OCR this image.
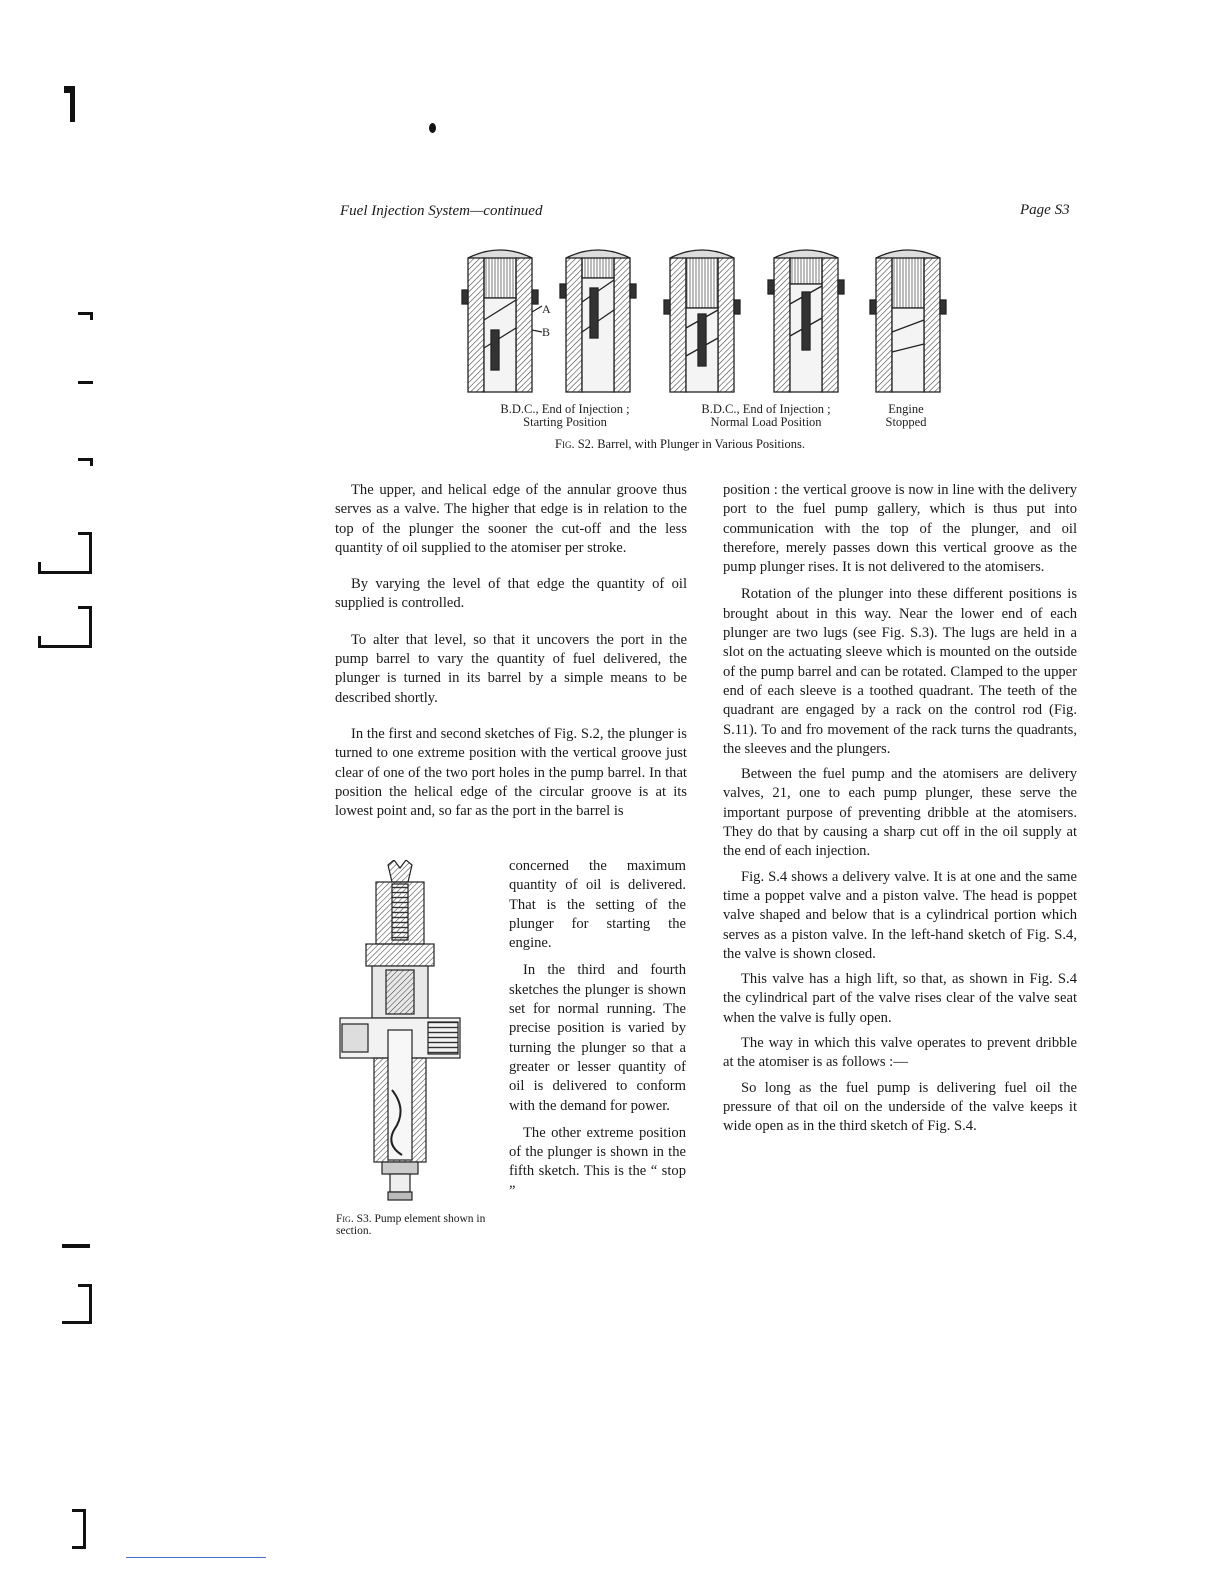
Fuel Injection System—continued	Page S3
A
B
B.D.C., End of Injection ;
Starting Position
B.D.C., End of Injection ;
Normal Load Position
Engine
Stopped
Fig. S2. Barrel, with Plunger in Various Positions.

The upper, and helical edge of the annular groove thus serves as a valve. The higher that edge is in relation to the top of the plunger the sooner the cut-off and the less quantity of oil supplied to the atomiser per stroke.

By varying the level of that edge the quantity of oil supplied is controlled.

To alter that level, so that it uncovers the port in the pump barrel to vary the quantity of fuel delivered, the plunger is turned in its barrel by a simple means to be described shortly.

In the first and second sketches of Fig. S.2, the plunger is turned to one extreme position with the vertical groove just clear of one of the two port holes in the pump barrel. In that position the helical edge of the circular groove is at its lowest point and, so far as the port in the barrel is

Fig. S3. Pump element shown in section.

concerned the maximum quantity of oil is delivered. That is the setting of the plunger for starting the engine.

In the third and fourth sketches the plunger is shown set for normal running. The precise position is varied by turning the plunger so that a greater or lesser quantity of oil is delivered to conform with the demand for power.

The other extreme position of the plunger is shown in the fifth sketch. This is the “ stop ”

position : the vertical groove is now in line with the delivery port to the fuel pump gallery, which is thus put into communication with the top of the plunger, and oil therefore, merely passes down this vertical groove as the pump plunger rises. It is not delivered to the atomisers.

Rotation of the plunger into these different positions is brought about in this way. Near the lower end of each plunger are two lugs (see Fig. S.3). The lugs are held in a slot on the actuating sleeve which is mounted on the outside of the pump barrel and can be rotated. Clamped to the upper end of each sleeve is a toothed quadrant. The teeth of the quadrant are engaged by a rack on the control rod (Fig. S.11). To and fro movement of the rack turns the quadrants, the sleeves and the plungers.

Between the fuel pump and the atomisers are delivery valves, 21, one to each pump plunger, these serve the important purpose of preventing dribble at the atomisers. They do that by causing a sharp cut off in the oil supply at the end of each injection.

Fig. S.4 shows a delivery valve. It is at one and the same time a poppet valve and a piston valve. The head is poppet valve shaped and below that is a cylindrical portion which serves as a piston valve. In the left-hand sketch of Fig. S.4, the valve is shown closed.

This valve has a high lift, so that, as shown in Fig. S.4 the cylindrical part of the valve rises clear of the valve seat when the valve is fully open.

The way in which this valve operates to prevent dribble at the atomiser is as follows :—

So long as the fuel pump is delivering fuel oil the pressure of that oil on the underside of the valve keeps it wide open as in the third sketch of Fig. S.4.
